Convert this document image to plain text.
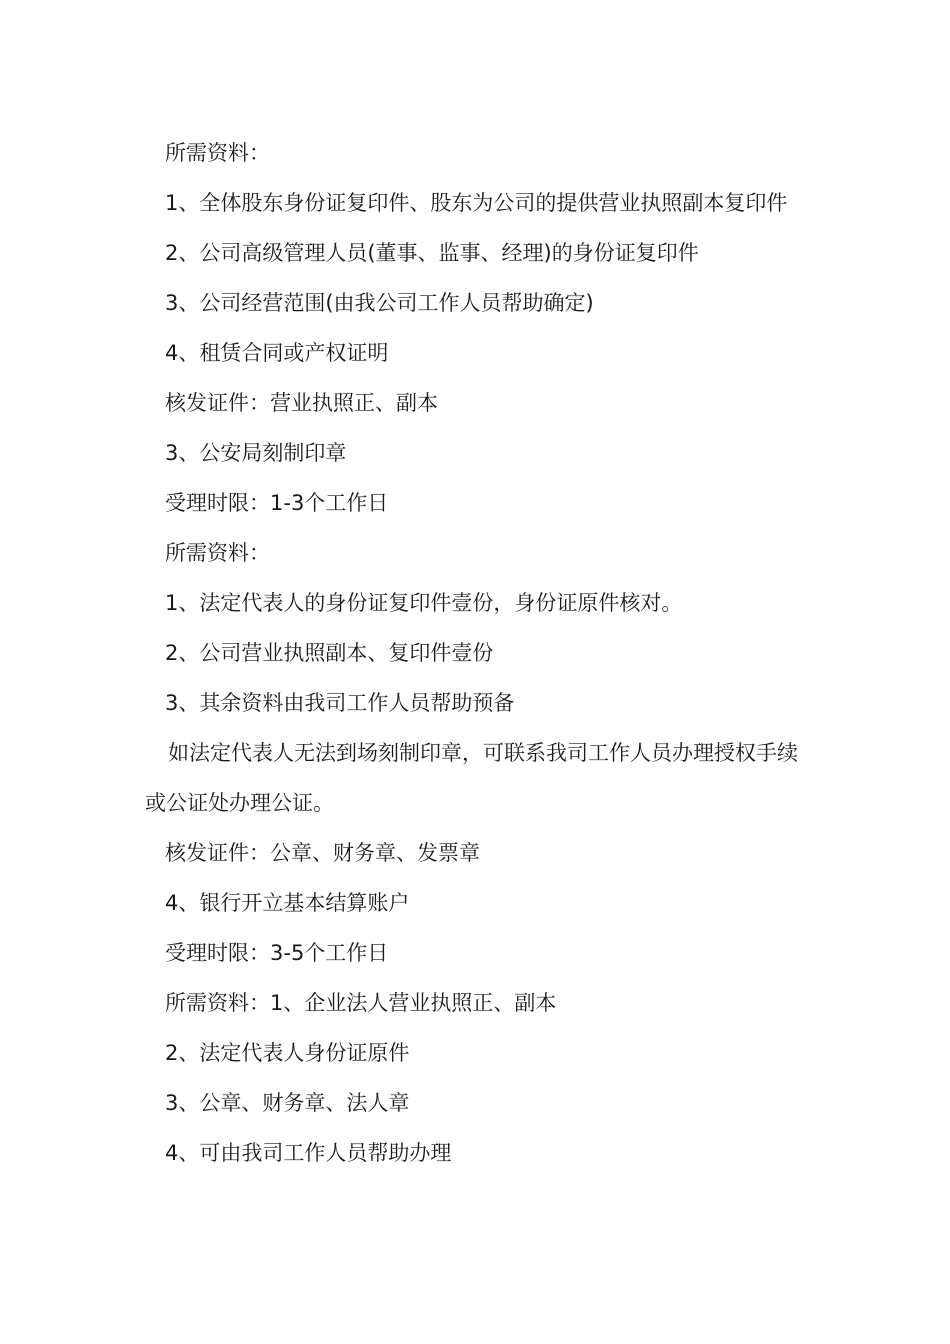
所需资料：

1、全体股东身份证复印件、股东为公司的提供营业执照副本复印件

2、公司高级管理人员(董事、监事、经理)的身份证复印件

3、公司经营范围(由我公司工作人员帮助确定)

4、租赁合同或产权证明

核发证件：营业执照正、副本

3、公安局刻制印章

受理时限：1-3个工作日

所需资料：

1、法定代表人的身份证复印件壹份，身份证原件核对。

2、公司营业执照副本、复印件壹份

3、其余资料由我司工作人员帮助预备

如法定代表人无法到场刻制印章，可联系我司工作人员办理授权手续或公证处办理公证。

核发证件：公章、财务章、发票章

4、银行开立基本结算账户

受理时限：3-5个工作日

所需资料：1、企业法人营业执照正、副本

2、法定代表人身份证原件

3、公章、财务章、法人章

4、可由我司工作人员帮助办理
